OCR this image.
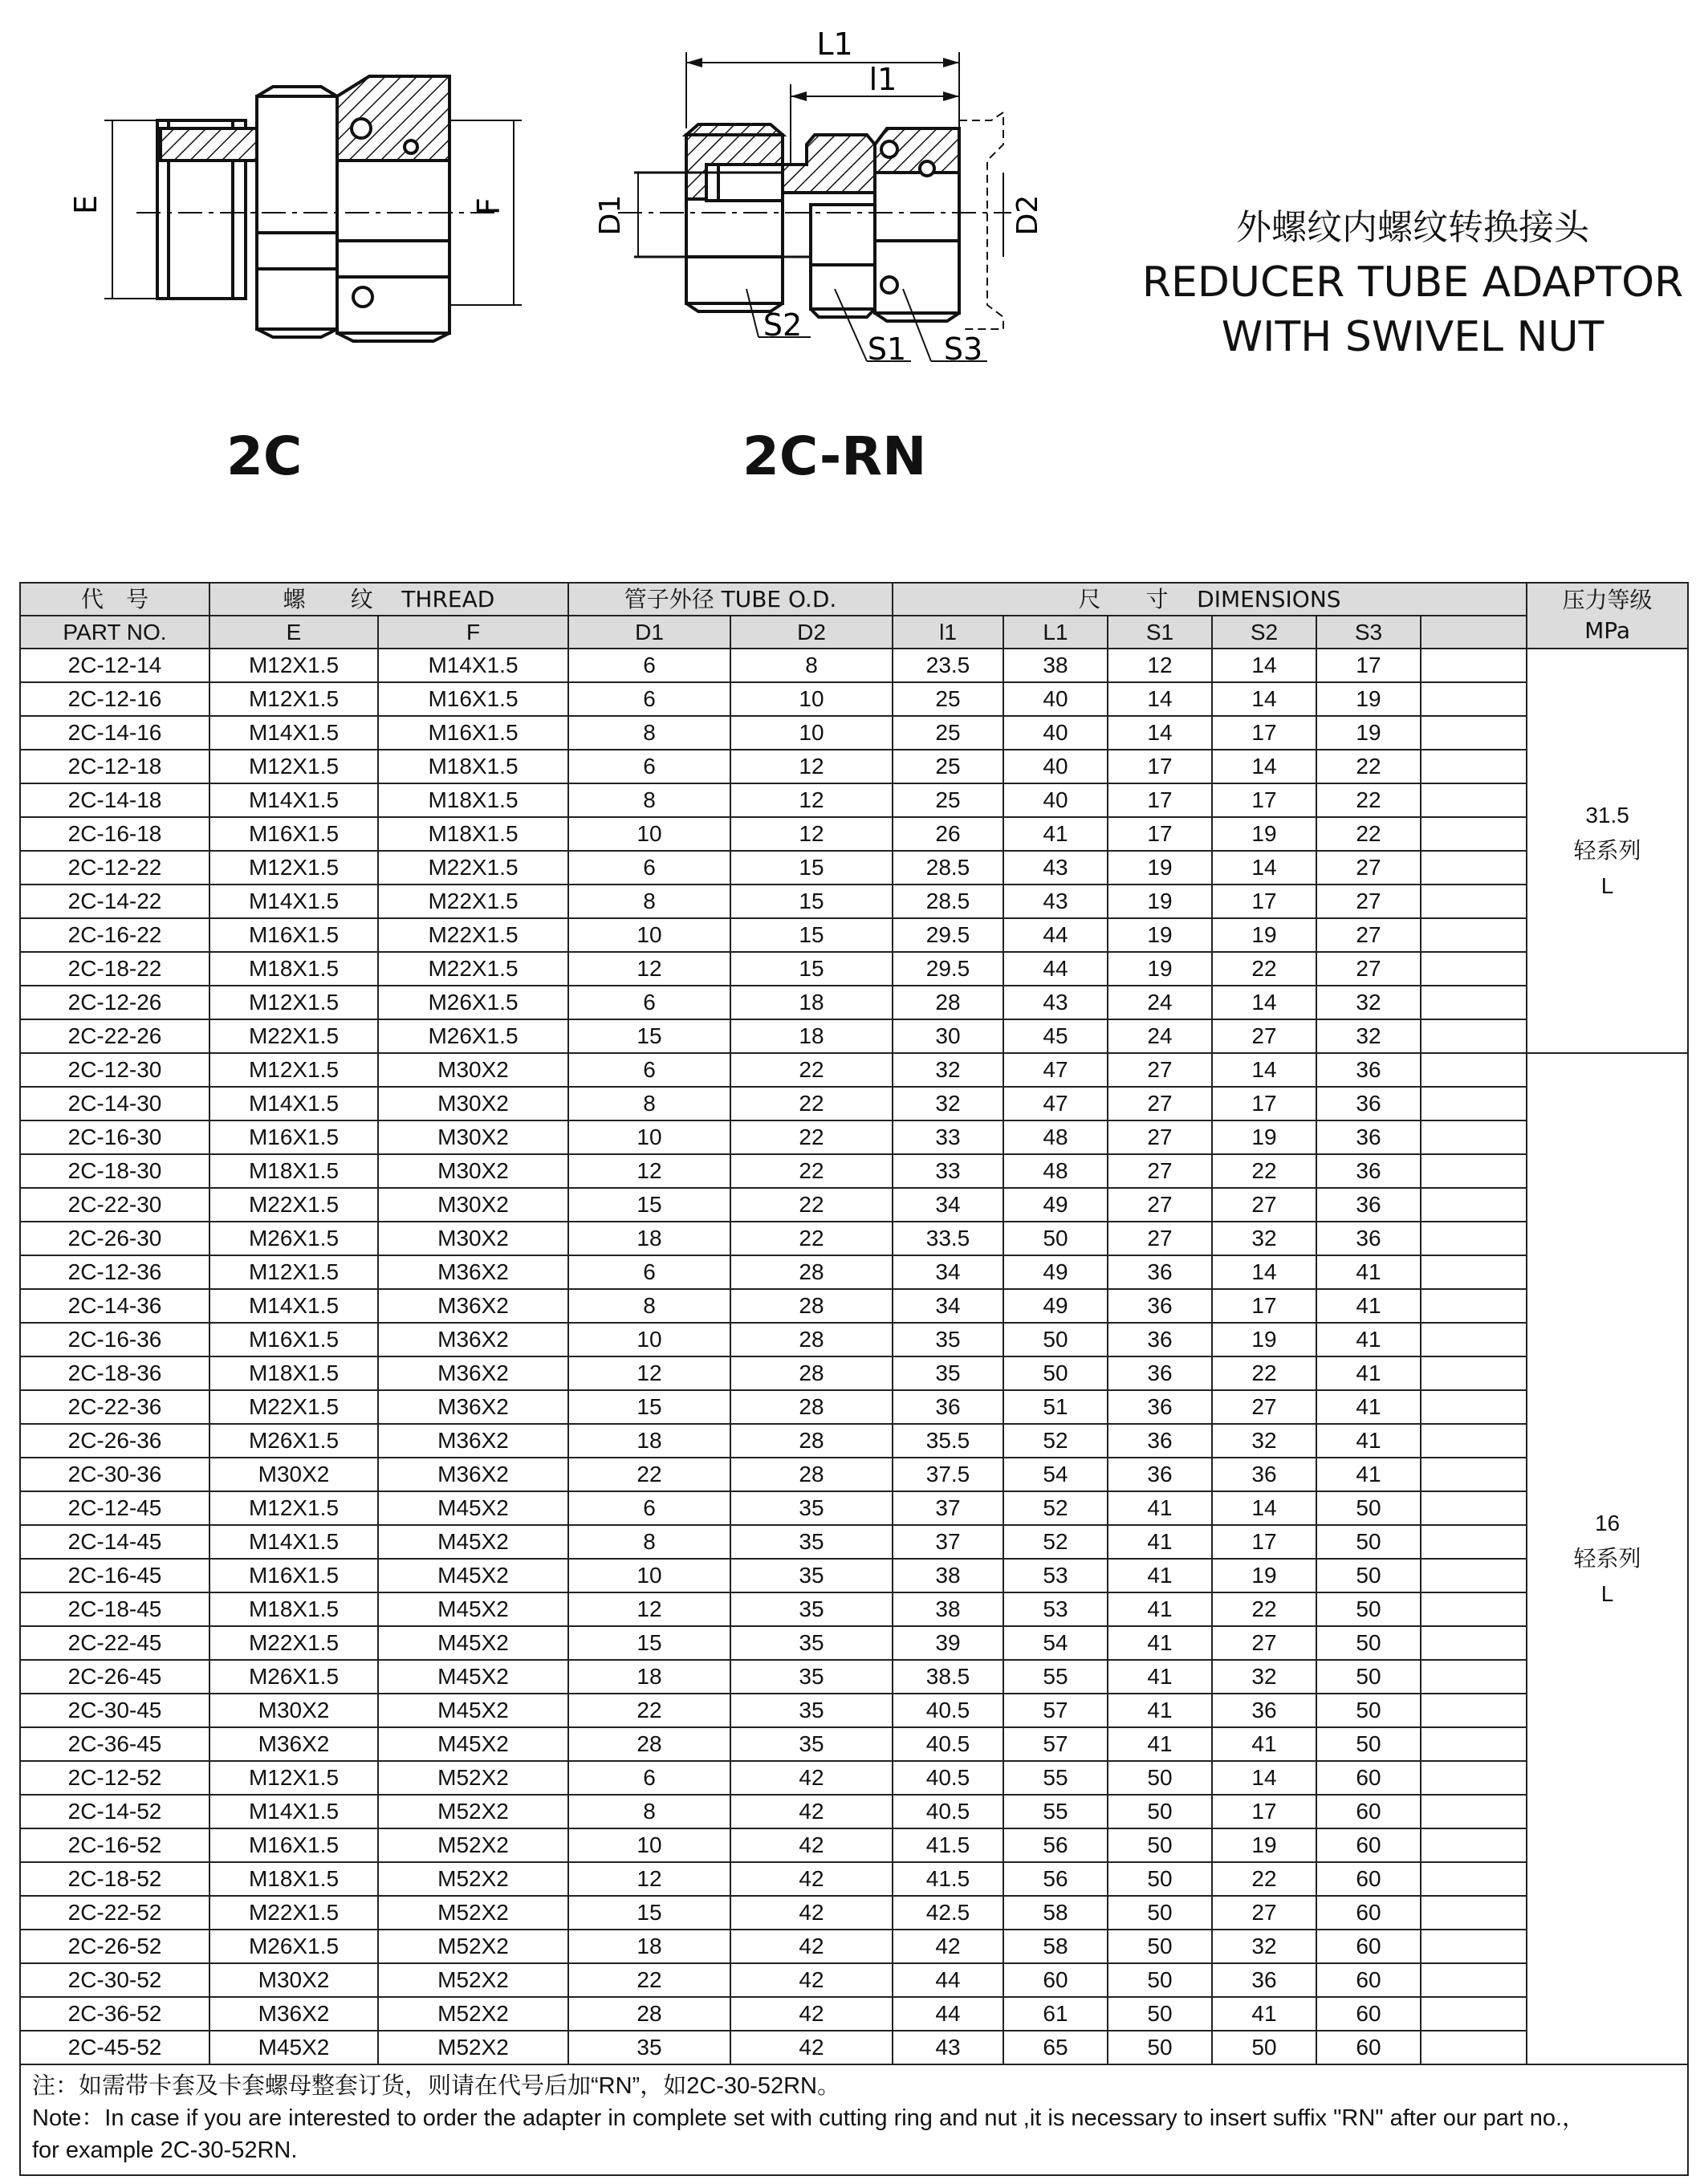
E	F
L1
l1
D1	D2
S2
S1 S3
外螺纹内螺纹转换接头
REDUCER TUBE ADAPTOR
WITH SWIVEL NUT
2C	2C-RN
代　号	螺　　纹 THREAD		管子外径 TUBE O.D.		尺　　寸 DIMENSIONS						压力等级
MPa
PART NO.	E	F	D1	D2	l1	L1	S1	S2	S3		
2C-12-14	M12X1.5	M14X1.5	6	8	23.5	38	12	14	17		31.5
轻系列
L

2C-12-16	M12X1.5	M16X1.5	6	10	25	40	14	14	19		
2C-14-16	M14X1.5	M16X1.5	8	10	25	40	14	17	19		
2C-12-18	M12X1.5	M18X1.5	6	12	25	40	17	14	22		
2C-14-18	M14X1.5	M18X1.5	8	12	25	40	17	17	22		
2C-16-18	M16X1.5	M18X1.5	10	12	26	41	17	19	22		
2C-12-22	M12X1.5	M22X1.5	6	15	28.5	43	19	14	27		
2C-14-22	M14X1.5	M22X1.5	8	15	28.5	43	19	17	27		
2C-16-22	M16X1.5	M22X1.5	10	15	29.5	44	19	19	27		
2C-18-22	M18X1.5	M22X1.5	12	15	29.5	44	19	22	27		
2C-12-26	M12X1.5	M26X1.5	6	18	28	43	24	14	32		
2C-22-26	M22X1.5	M26X1.5	15	18	30	45	24	27	32		
2C-12-30	M12X1.5	M30X2	6	22	32	47	27	14	36		16
轻系列
L

2C-14-30	M14X1.5	M30X2	8	22	32	47	27	17	36		
2C-16-30	M16X1.5	M30X2	10	22	33	48	27	19	36		
2C-18-30	M18X1.5	M30X2	12	22	33	48	27	22	36		
2C-22-30	M22X1.5	M30X2	15	22	34	49	27	27	36		
2C-26-30	M26X1.5	M30X2	18	22	33.5	50	27	32	36		
2C-12-36	M12X1.5	M36X2	6	28	34	49	36	14	41		
2C-14-36	M14X1.5	M36X2	8	28	34	49	36	17	41		
2C-16-36	M16X1.5	M36X2	10	28	35	50	36	19	41		
2C-18-36	M18X1.5	M36X2	12	28	35	50	36	22	41		
2C-22-36	M22X1.5	M36X2	15	28	36	51	36	27	41		
2C-26-36	M26X1.5	M36X2	18	28	35.5	52	36	32	41		
2C-30-36	M30X2	M36X2	22	28	37.5	54	36	36	41		
2C-12-45	M12X1.5	M45X2	6	35	37	52	41	14	50		
2C-14-45	M14X1.5	M45X2	8	35	37	52	41	17	50		
2C-16-45	M16X1.5	M45X2	10	35	38	53	41	19	50		
2C-18-45	M18X1.5	M45X2	12	35	38	53	41	22	50		
2C-22-45	M22X1.5	M45X2	15	35	39	54	41	27	50		
2C-26-45	M26X1.5	M45X2	18	35	38.5	55	41	32	50		
2C-30-45	M30X2	M45X2	22	35	40.5	57	41	36	50		
2C-36-45	M36X2	M45X2	28	35	40.5	57	41	41	50		
2C-12-52	M12X1.5	M52X2	6	42	40.5	55	50	14	60		
2C-14-52	M14X1.5	M52X2	8	42	40.5	55	50	17	60		
2C-16-52	M16X1.5	M52X2	10	42	41.5	56	50	19	60		
2C-18-52	M18X1.5	M52X2	12	42	41.5	56	50	22	60		
2C-22-52	M22X1.5	M52X2	15	42	42.5	58	50	27	60		
2C-26-52	M26X1.5	M52X2	18	42	42	58	50	32	60		
2C-30-52	M30X2	M52X2	22	42	44	60	50	36	60		
2C-36-52	M36X2	M52X2	28	42	44	61	50	41	60		
2C-45-52	M45X2	M52X2	35	42	43	65	50	50	60		

注：如需带卡套及卡套螺母整套订货，则请在代号后加“RN”，如2C-30-52RN。
Note：In case if you are interested to order the adapter in complete set with cutting ring and nut ,it is necessary to insert suffix "RN" after our part no.，
for example 2C-30-52RN.											
